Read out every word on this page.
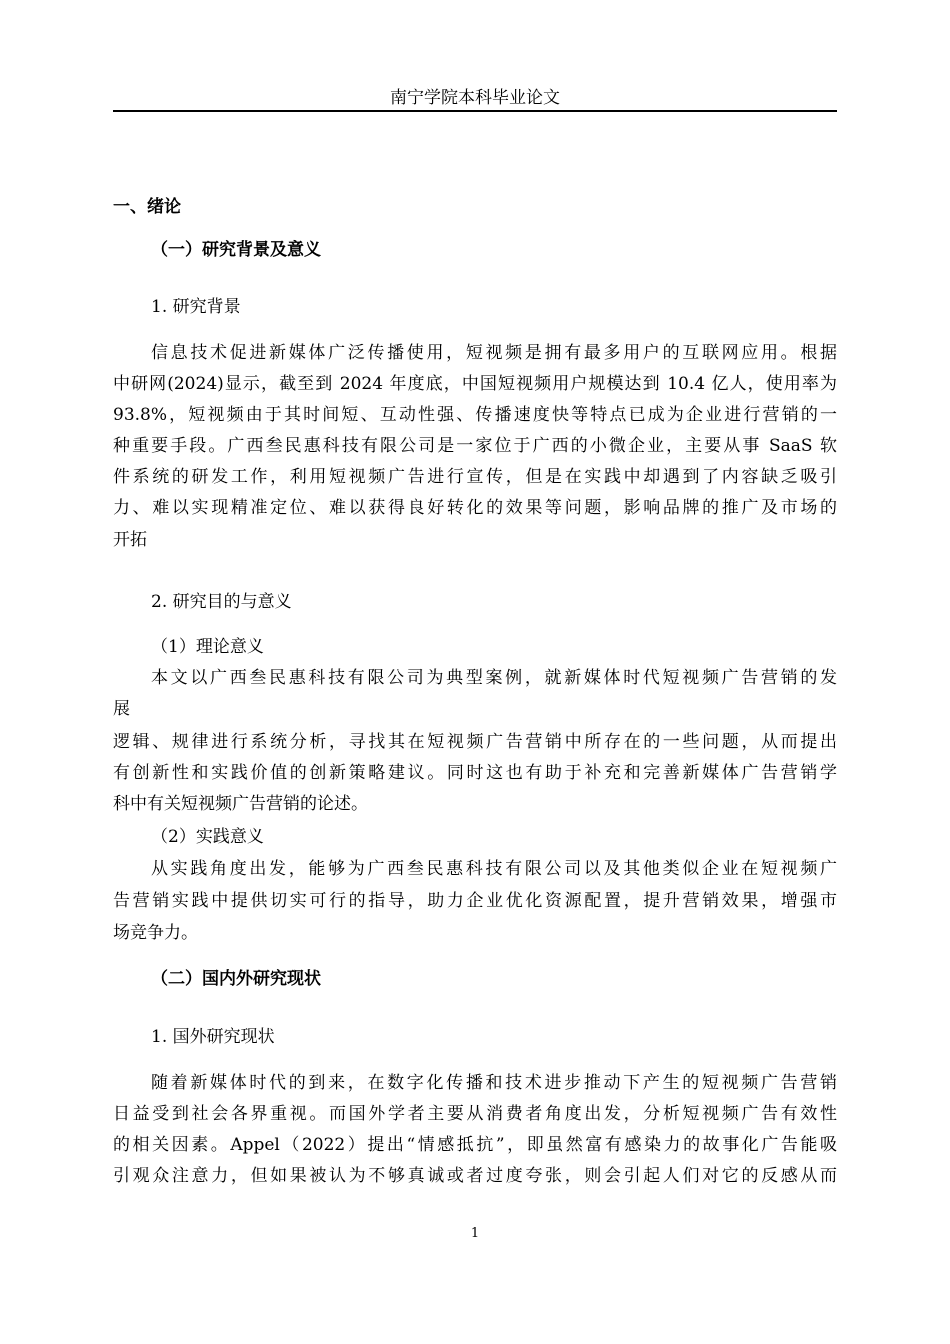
南宁学院本科毕业论文
一、绪论
（一）研究背景及意义
1. 研究背景
信息技术促进新媒体广泛传播使用，短视频是拥有最多用户的互联网应用。根据
中研网(2024)显示，截至到 2024 年度底，中国短视频用户规模达到 10.4 亿人，使用率为
93.8%，短视频由于其时间短、互动性强、传播速度快等特点已成为企业进行营销的一
种重要手段。广西叁民惠科技有限公司是一家位于广西的小微企业，主要从事 SaaS 软
件系统的研发工作，利用短视频广告进行宣传，但是在实践中却遇到了内容缺乏吸引
力、难以实现精准定位、难以获得良好转化的效果等问题，影响品牌的推广及市场的
开拓
2. 研究目的与意义
（1）理论意义
本文以广西叁民惠科技有限公司为典型案例，就新媒体时代短视频广告营销的发
展
逻辑、规律进行系统分析，寻找其在短视频广告营销中所存在的一些问题，从而提出
有创新性和实践价值的创新策略建议。同时这也有助于补充和完善新媒体广告营销学
科中有关短视频广告营销的论述。
（2）实践意义
从实践角度出发，能够为广西叁民惠科技有限公司以及其他类似企业在短视频广
告营销实践中提供切实可行的指导，助力企业优化资源配置，提升营销效果，增强市
场竞争力。
（二）国内外研究现状
1. 国外研究现状
随着新媒体时代的到来，在数字化传播和技术进步推动下产生的短视频广告营销
日益受到社会各界重视。而国外学者主要从消费者角度出发，分析短视频广告有效性
的相关因素。Appel（2022）提出“情感抵抗”，即虽然富有感染力的故事化广告能吸
引观众注意力，但如果被认为不够真诚或者过度夸张，则会引起人们对它的反感从而
1
